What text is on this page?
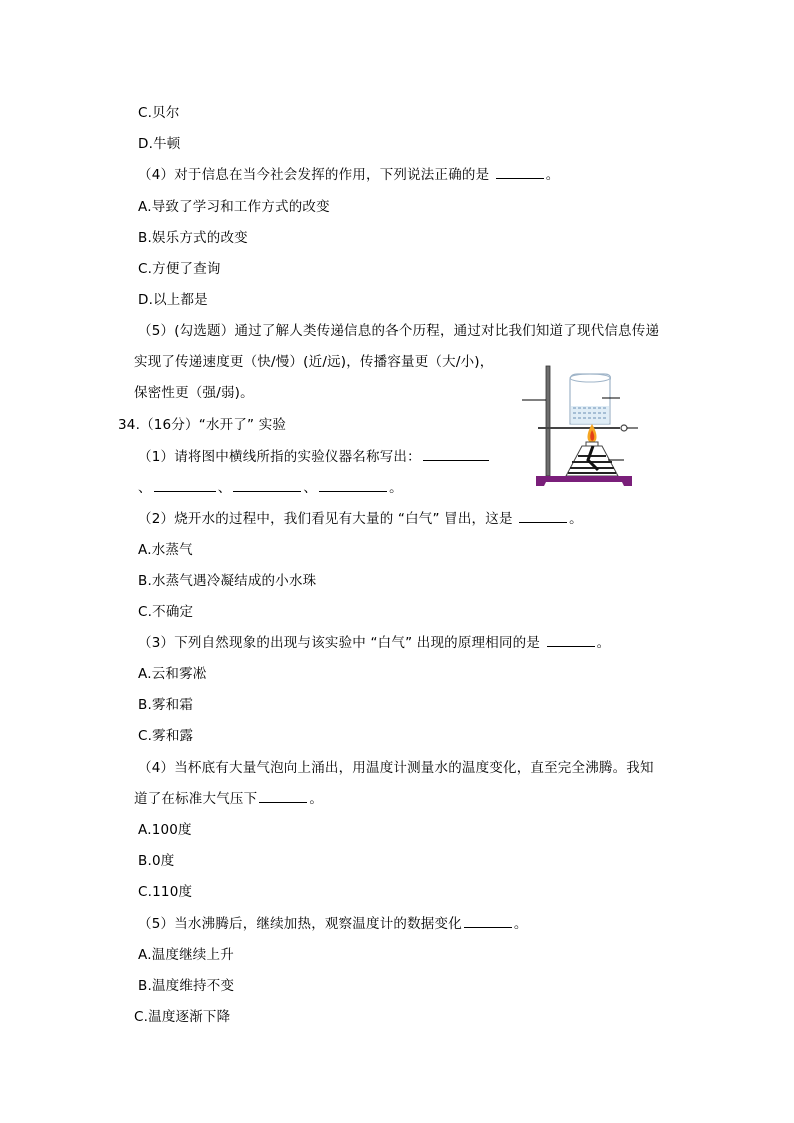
C.贝尔
D.牛顿
（4）对于信息在当今社会发挥的作用，下列说法正确的是	。
A.导致了学习和工作方式的改变
B.娱乐方式的改变
C.方便了查询
D.以上都是
（5）(勾选题）通过了解人类传递信息的各个历程，通过对比我们知道了现代信息传递
实现了传递速度更（快/慢）(近/远)，传播容量更（大/小)，
保密性更（强/弱)。
34.（16分）“水开了” 实验
（1）请将图中横线所指的实验仪器名称写出：
、	、	、	。
（2）烧开水的过程中，我们看见有大量的 “白气” 冒出，这是	。
A.水蒸气
B.水蒸气遇冷凝结成的小水珠
C.不确定
（3）下列自然现象的出现与该实验中 “白气” 出现的原理相同的是	。
A.云和雾凇
B.雾和霜
C.雾和露
（4）当杯底有大量气泡向上涌出，用温度计测量水的温度变化，直至完全沸腾。我知
道了在标准大气压下	。
A.100度
B.0度
C.110度
（5）当水沸腾后，继续加热，观察温度计的数据变化	。
A.温度继续上升
B.温度维持不变
C.温度逐渐下降
